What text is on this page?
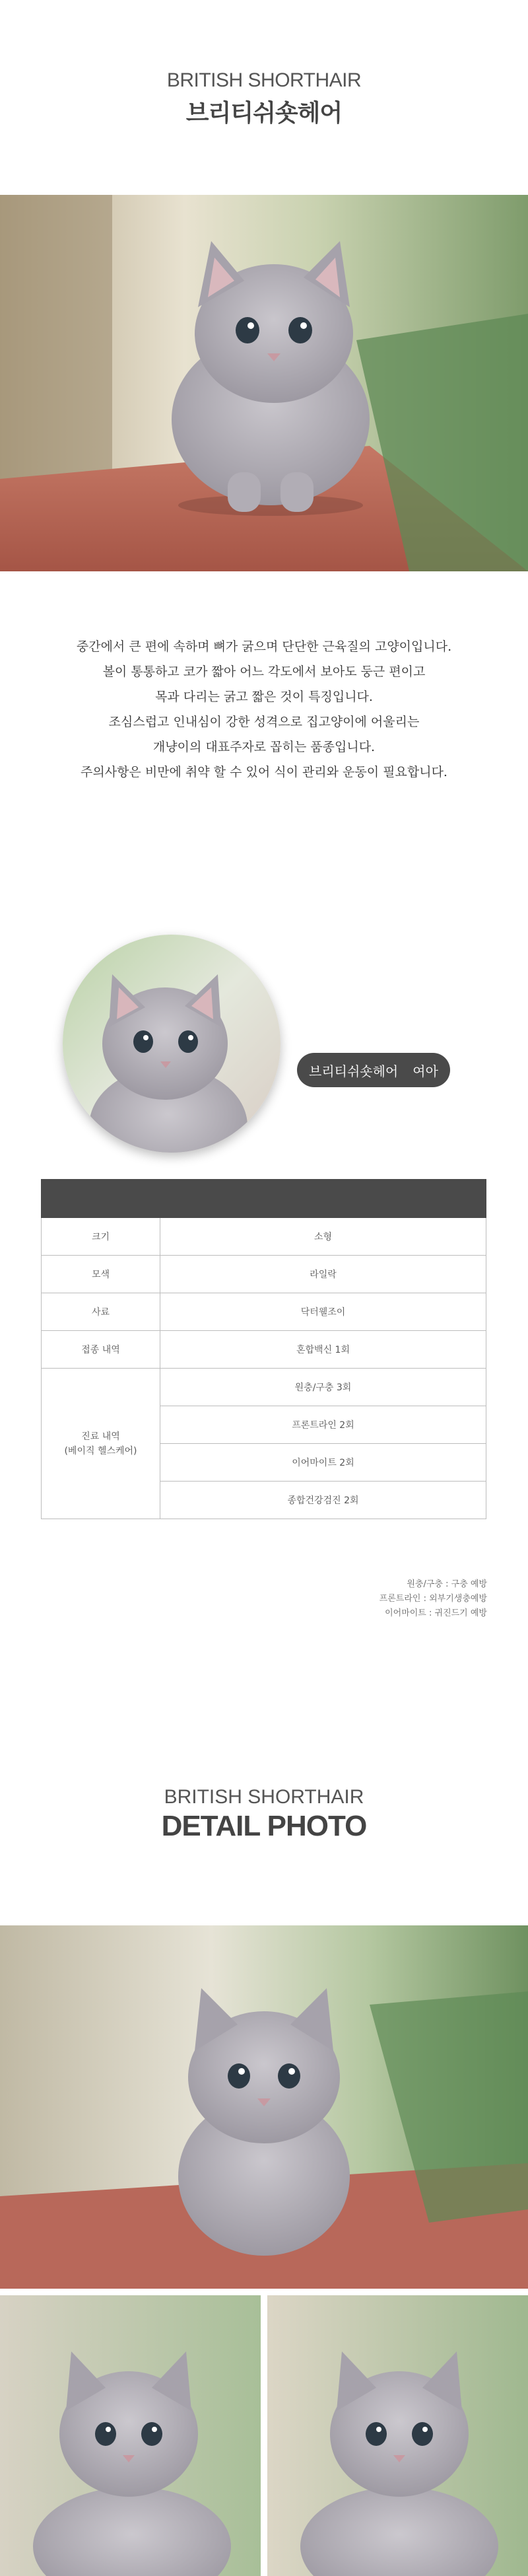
BRITISH SHORTHAIR
브리티쉬숏헤어

중간에서 큰 편에 속하며 뼈가 굵으며 단단한 근육질의 고양이입니다.

볼이 통통하고 코가 짧아 어느 각도에서 보아도 둥근 편이고

목과 다리는 굵고 짧은 것이 특징입니다.

조심스럽고 인내심이 강한 성격으로 집고양이에 어울리는

개냥이의 대표주자로 꼽히는 품종입니다.

주의사항은 비만에 취약 할 수 있어 식이 관리와 운동이 필요합니다.

브리티쉬숏헤어 여아

크기	소형
모색	라일락
사료	닥터웰조이
접종 내역	혼합백신 1회

진료 내역
(베이직 헬스케어)	원충/구충 3회
	프론트라인 2회
	이어마이트 2회
	종합건강검진 2회
원충/구충 : 구충 예방
프론트라인 : 외부기생충예방
이어마이트 : 귀진드기 예방
BRITISH SHORTHAIR
DETAIL PHOTO
